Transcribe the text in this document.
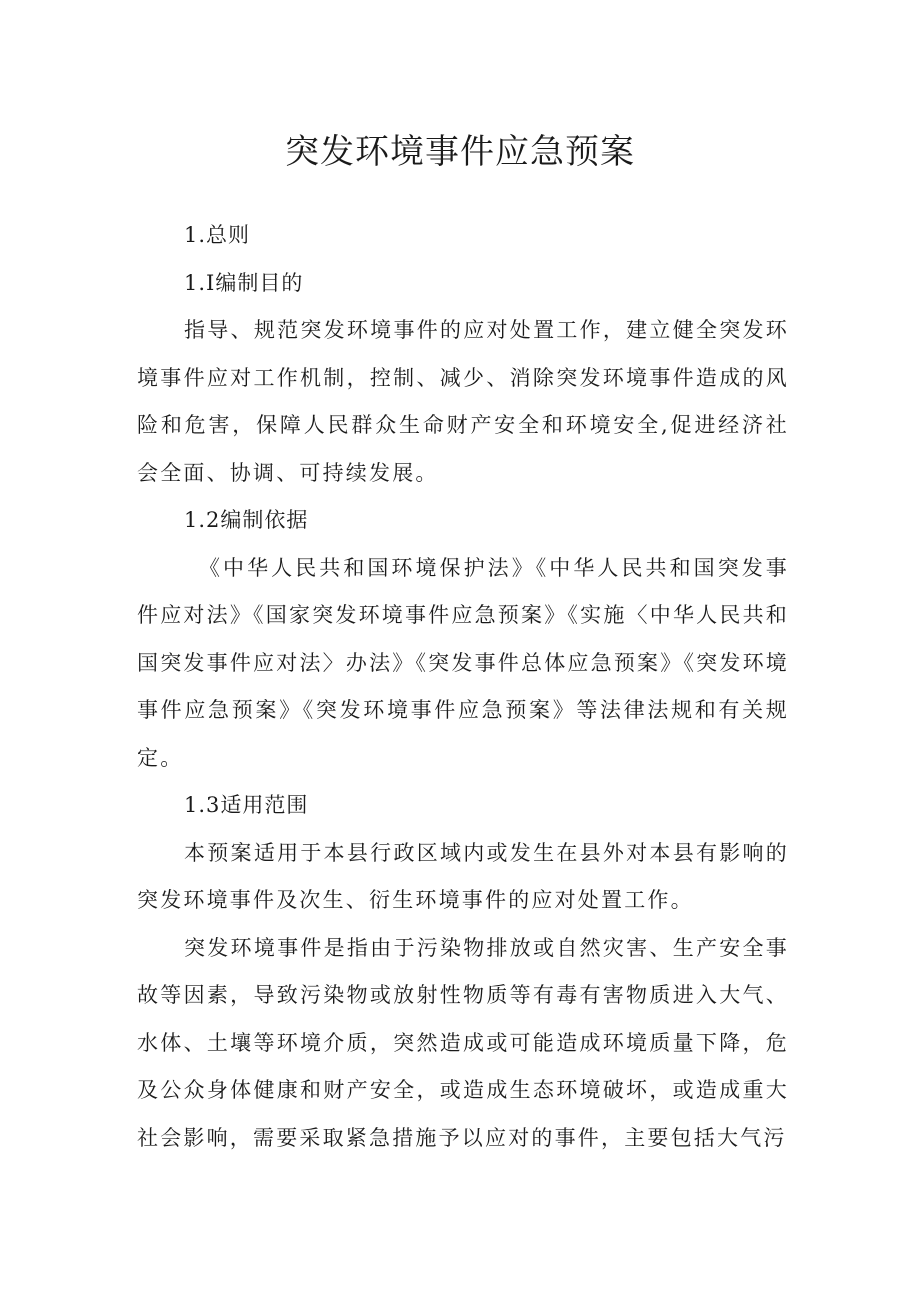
突发环境事件应急预案

1.总则

1.I编制目的

指导、规范突发环境事件的应对处置工作，建立健全突发环境事件应对工作机制，控制、减少、消除突发环境事件造成的风险和危害，保障人民群众生命财产安全和环境安全,促进经济社会全面、协调、可持续发展。

1.2编制依据

《中华人民共和国环境保护法》《中华人民共和国突发事件应对法》《国家突发环境事件应急预案》《实施〈中华人民共和国突发事件应对法〉办法》《突发事件总体应急预案》《突发环境事件应急预案》《突发环境事件应急预案》等法律法规和有关规定。

1.3适用范围

本预案适用于本县行政区域内或发生在县外对本县有影响的突发环境事件及次生、衍生环境事件的应对处置工作。

突发环境事件是指由于污染物排放或自然灾害、生产安全事故等因素，导致污染物或放射性物质等有毒有害物质进入大气、水体、土壤等环境介质，突然造成或可能造成环境质量下降，危及公众身体健康和财产安全，或造成生态环境破坏，或造成重大社会影响，需要采取紧急措施予以应对的事件，主要包括大气污
